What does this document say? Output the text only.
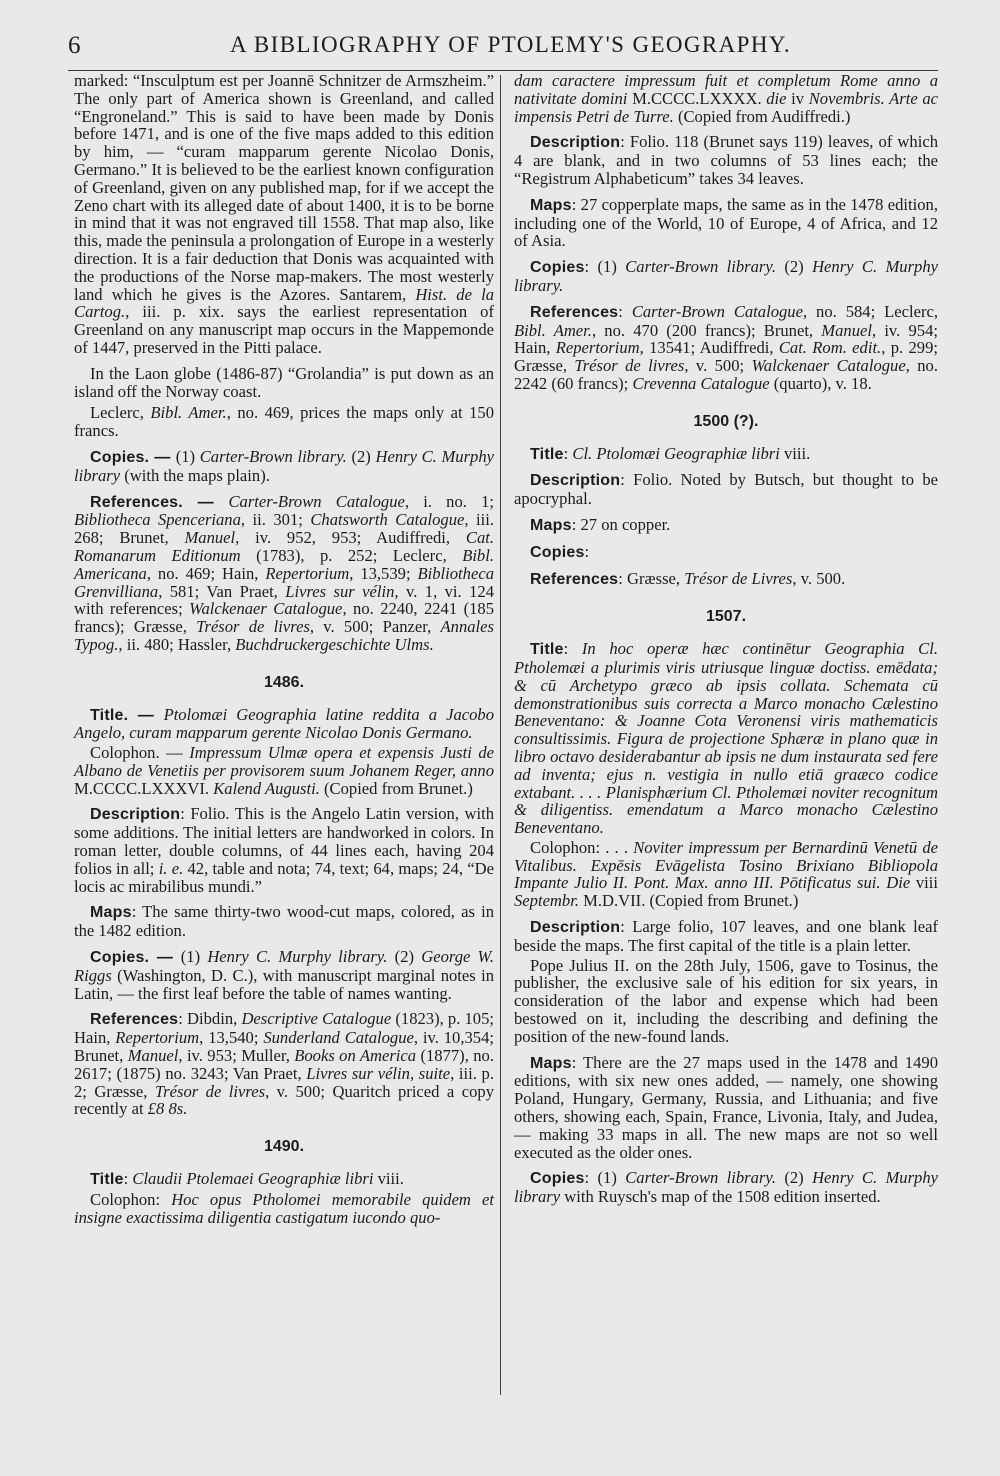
6	A BIBLIOGRAPHY OF PTOLEMY'S GEOGRAPHY.

marked: “Insculptum est per Joannē Schnitzer de Armszheim.” The only part of America shown is Greenland, and called “Engroneland.” This is said to have been made by Donis before 1471, and is one of the five maps added to this edition by him, — “curam mapparum gerente Nicolao Donis, Germano.” It is believed to be the earliest known configuration of Greenland, given on any published map, for if we accept the Zeno chart with its alleged date of about 1400, it is to be borne in mind that it was not engraved till 1558. That map also, like this, made the peninsula a prolongation of Europe in a westerly direction. It is a fair deduction that Donis was acquainted with the productions of the Norse map-makers. The most westerly land which he gives is the Azores. Santarem, Hist. de la Cartog., iii. p. xix. says the earliest representation of Greenland on any manuscript map occurs in the Mappemonde of 1447, preserved in the Pitti palace.

In the Laon globe (1486-87) “Grolandia” is put down as an island off the Norway coast.

Leclerc, Bibl. Amer., no. 469, prices the maps only at 150 francs.

Copies. — (1) Carter-Brown library. (2) Henry C. Murphy library (with the maps plain).

References. — Carter-Brown Catalogue, i. no. 1; Bibliotheca Spenceriana, ii. 301; Chatsworth Catalogue, iii. 268; Brunet, Manuel, iv. 952, 953; Audiffredi, Cat. Romanarum Editionum (1783), p. 252; Leclerc, Bibl. Americana, no. 469; Hain, Repertorium, 13,539; Bibliotheca Grenvilliana, 581; Van Praet, Livres sur vélin, v. 1, vi. 124 with references; Walckenaer Catalogue, no. 2240, 2241 (185 francs); Græsse, Trésor de livres, v. 500; Panzer, Annales Typog., ii. 480; Hassler, Buchdruckergeschichte Ulms.

1486.

Title. — Ptolomæi Geographia latine reddita a Jacobo Angelo, curam mapparum gerente Nicolao Donis Germano.

Colophon. — Impressum Ulmæ opera et expensis Justi de Albano de Venetiis per provisorem suum Johanem Reger, anno M.CCCC.LXXXVI. Kalend Augusti. (Copied from Brunet.)

Description: Folio. This is the Angelo Latin version, with some additions. The initial letters are handworked in colors. In roman letter, double columns, of 44 lines each, having 204 folios in all; i. e. 42, table and nota; 74, text; 64, maps; 24, “De locis ac mirabilibus mundi.”

Maps: The same thirty-two wood-cut maps, colored, as in the 1482 edition.

Copies. — (1) Henry C. Murphy library. (2) George W. Riggs (Washington, D. C.), with manuscript marginal notes in Latin, — the first leaf before the table of names wanting.

References: Dibdin, Descriptive Catalogue (1823), p. 105; Hain, Repertorium, 13,540; Sunderland Catalogue, iv. 10,354; Brunet, Manuel, iv. 953; Muller, Books on America (1877), no. 2617; (1875) no. 3243; Van Praet, Livres sur vélin, suite, iii. p. 2; Græsse, Trésor de livres, v. 500; Quaritch priced a copy recently at £8 8s.

1490.

Title: Claudii Ptolemaei Geographiæ libri viii.

Colophon: Hoc opus Ptholomei memorabile quidem et insigne exactissima diligentia castigatum iucondo quo-

dam caractere impressum fuit et completum Rome anno a nativitate domini M.CCCC.LXXXX. die iv Novembris. Arte ac impensis Petri de Turre. (Copied from Audiffredi.)

Description: Folio. 118 (Brunet says 119) leaves, of which 4 are blank, and in two columns of 53 lines each; the “Registrum Alphabeticum” takes 34 leaves.

Maps: 27 copperplate maps, the same as in the 1478 edition, including one of the World, 10 of Europe, 4 of Africa, and 12 of Asia.

Copies: (1) Carter-Brown library. (2) Henry C. Murphy library.

References: Carter-Brown Catalogue, no. 584; Leclerc, Bibl. Amer., no. 470 (200 francs); Brunet, Manuel, iv. 954; Hain, Repertorium, 13541; Audiffredi, Cat. Rom. edit., p. 299; Græsse, Trésor de livres, v. 500; Walckenaer Catalogue, no. 2242 (60 francs); Crevenna Catalogue (quarto), v. 18.

1500 (?).

Title: Cl. Ptolomæi Geographiæ libri viii.

Description: Folio. Noted by Butsch, but thought to be apocryphal.

Maps: 27 on copper.

Copies:

References: Græsse, Trésor de Livres, v. 500.

1507.

Title: In hoc operæ hæc continētur Geographia Cl. Ptholemæi a plurimis viris utriusque linguæ doctiss. emēdata; & cū Archetypo græco ab ipsis collata. Schemata cū demonstrationibus suis correcta a Marco monacho Cælestino Beneventano: & Joanne Cota Veronensi viris mathematicis consultissimis. Figura de projectione Sphæræ in plano quæ in libro octavo desiderabantur ab ipsis ne dum instaurata sed fere ad inventa; ejus n. vestigia in nullo etiā graæco codice extabant. . . . Planisphærium Cl. Ptholemæi noviter recognitum & diligentiss. emendatum a Marco monacho Cælestino Beneventano.

Colophon: . . . Noviter impressum per Bernardinū Venetū de Vitalibus. Expēsis Evāgelista Tosino Brixiano Bibliopola Impante Julio II. Pont. Max. anno III. Pōtificatus sui. Die viii Septembr. M.D.VII. (Copied from Brunet.)

Description: Large folio, 107 leaves, and one blank leaf beside the maps. The first capital of the title is a plain letter.

Pope Julius II. on the 28th July, 1506, gave to Tosinus, the publisher, the exclusive sale of his edition for six years, in consideration of the labor and expense which had been bestowed on it, including the describing and defining the position of the new-found lands.

Maps: There are the 27 maps used in the 1478 and 1490 editions, with six new ones added, — namely, one showing Poland, Hungary, Germany, Russia, and Lithuania; and five others, showing each, Spain, France, Livonia, Italy, and Judea, — making 33 maps in all. The new maps are not so well executed as the older ones.

Copies: (1) Carter-Brown library. (2) Henry C. Murphy library with Ruysch's map of the 1508 edition inserted.
